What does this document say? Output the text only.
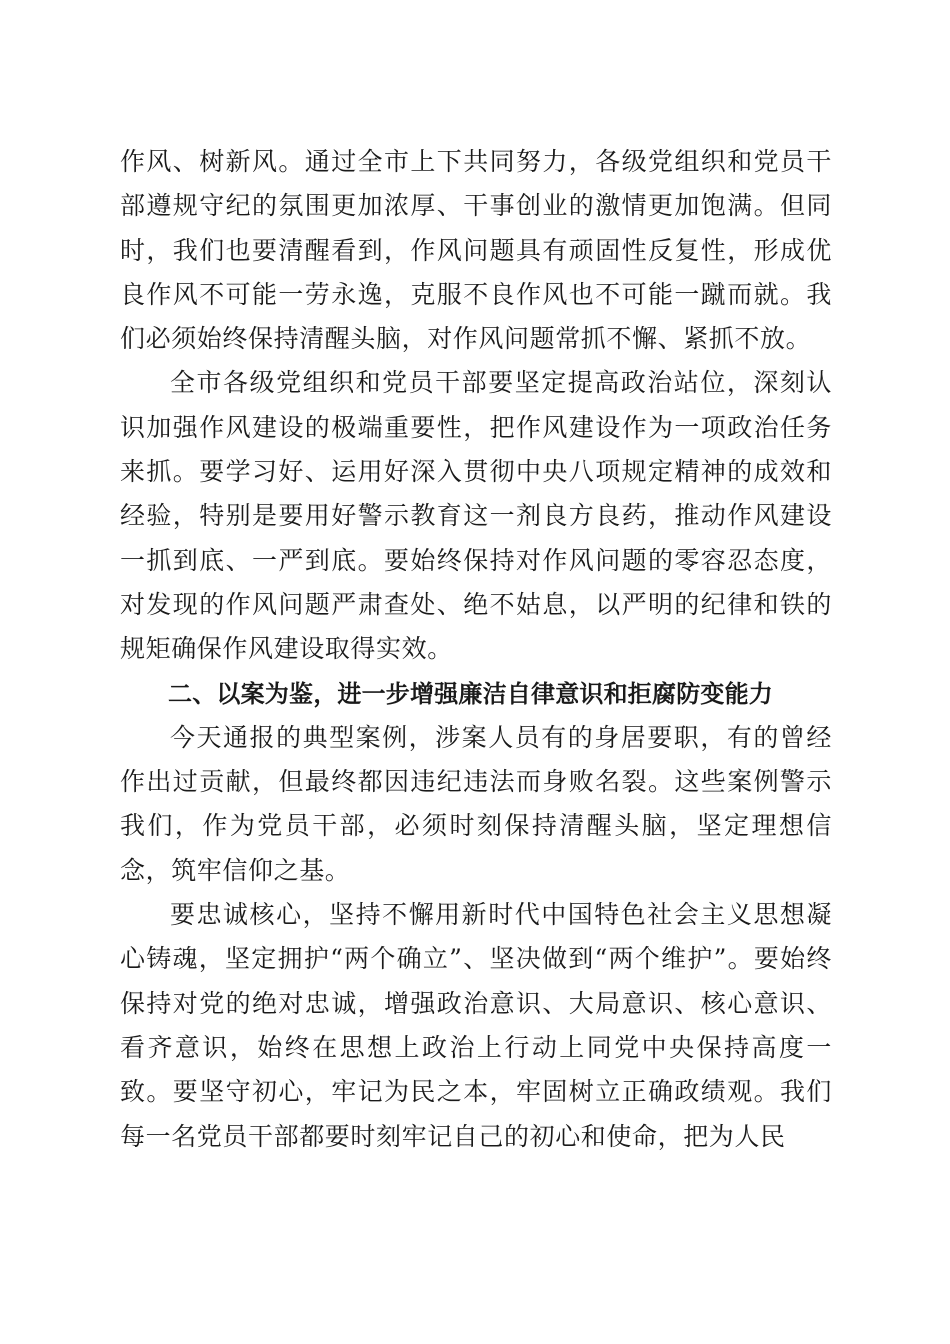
作风、树新风。通过全市上下共同努力，各级党组织和党员干部遵规守纪的氛围更加浓厚、干事创业的激情更加饱满。但同时，我们也要清醒看到，作风问题具有顽固性反复性，形成优良作风不可能一劳永逸，克服不良作风也不可能一蹴而就。我们必须始终保持清醒头脑，对作风问题常抓不懈、紧抓不放。

全市各级党组织和党员干部要坚定提高政治站位，深刻认识加强作风建设的极端重要性，把作风建设作为一项政治任务来抓。要学习好、运用好深入贯彻中央八项规定精神的成效和经验，特别是要用好警示教育这一剂良方良药，推动作风建设一抓到底、一严到底。要始终保持对作风问题的零容忍态度，对发现的作风问题严肃查处、绝不姑息，以严明的纪律和铁的规矩确保作风建设取得实效。

二、以案为鉴，进一步增强廉洁自律意识和拒腐防变能力

今天通报的典型案例，涉案人员有的身居要职，有的曾经作出过贡献，但最终都因违纪违法而身败名裂。这些案例警示我们，作为党员干部，必须时刻保持清醒头脑，坚定理想信念，筑牢信仰之基。

要忠诚核心，坚持不懈用新时代中国特色社会主义思想凝心铸魂，坚定拥护“两个确立”、坚决做到“两个维护”。要始终保持对党的绝对忠诚，增强政治意识、大局意识、核心意识、看齐意识，始终在思想上政治上行动上同党中央保持高度一致。要坚守初心，牢记为民之本，牢固树立正确政绩观。我们每一名党员干部都要时刻牢记自己的初心和使命，把为人民
